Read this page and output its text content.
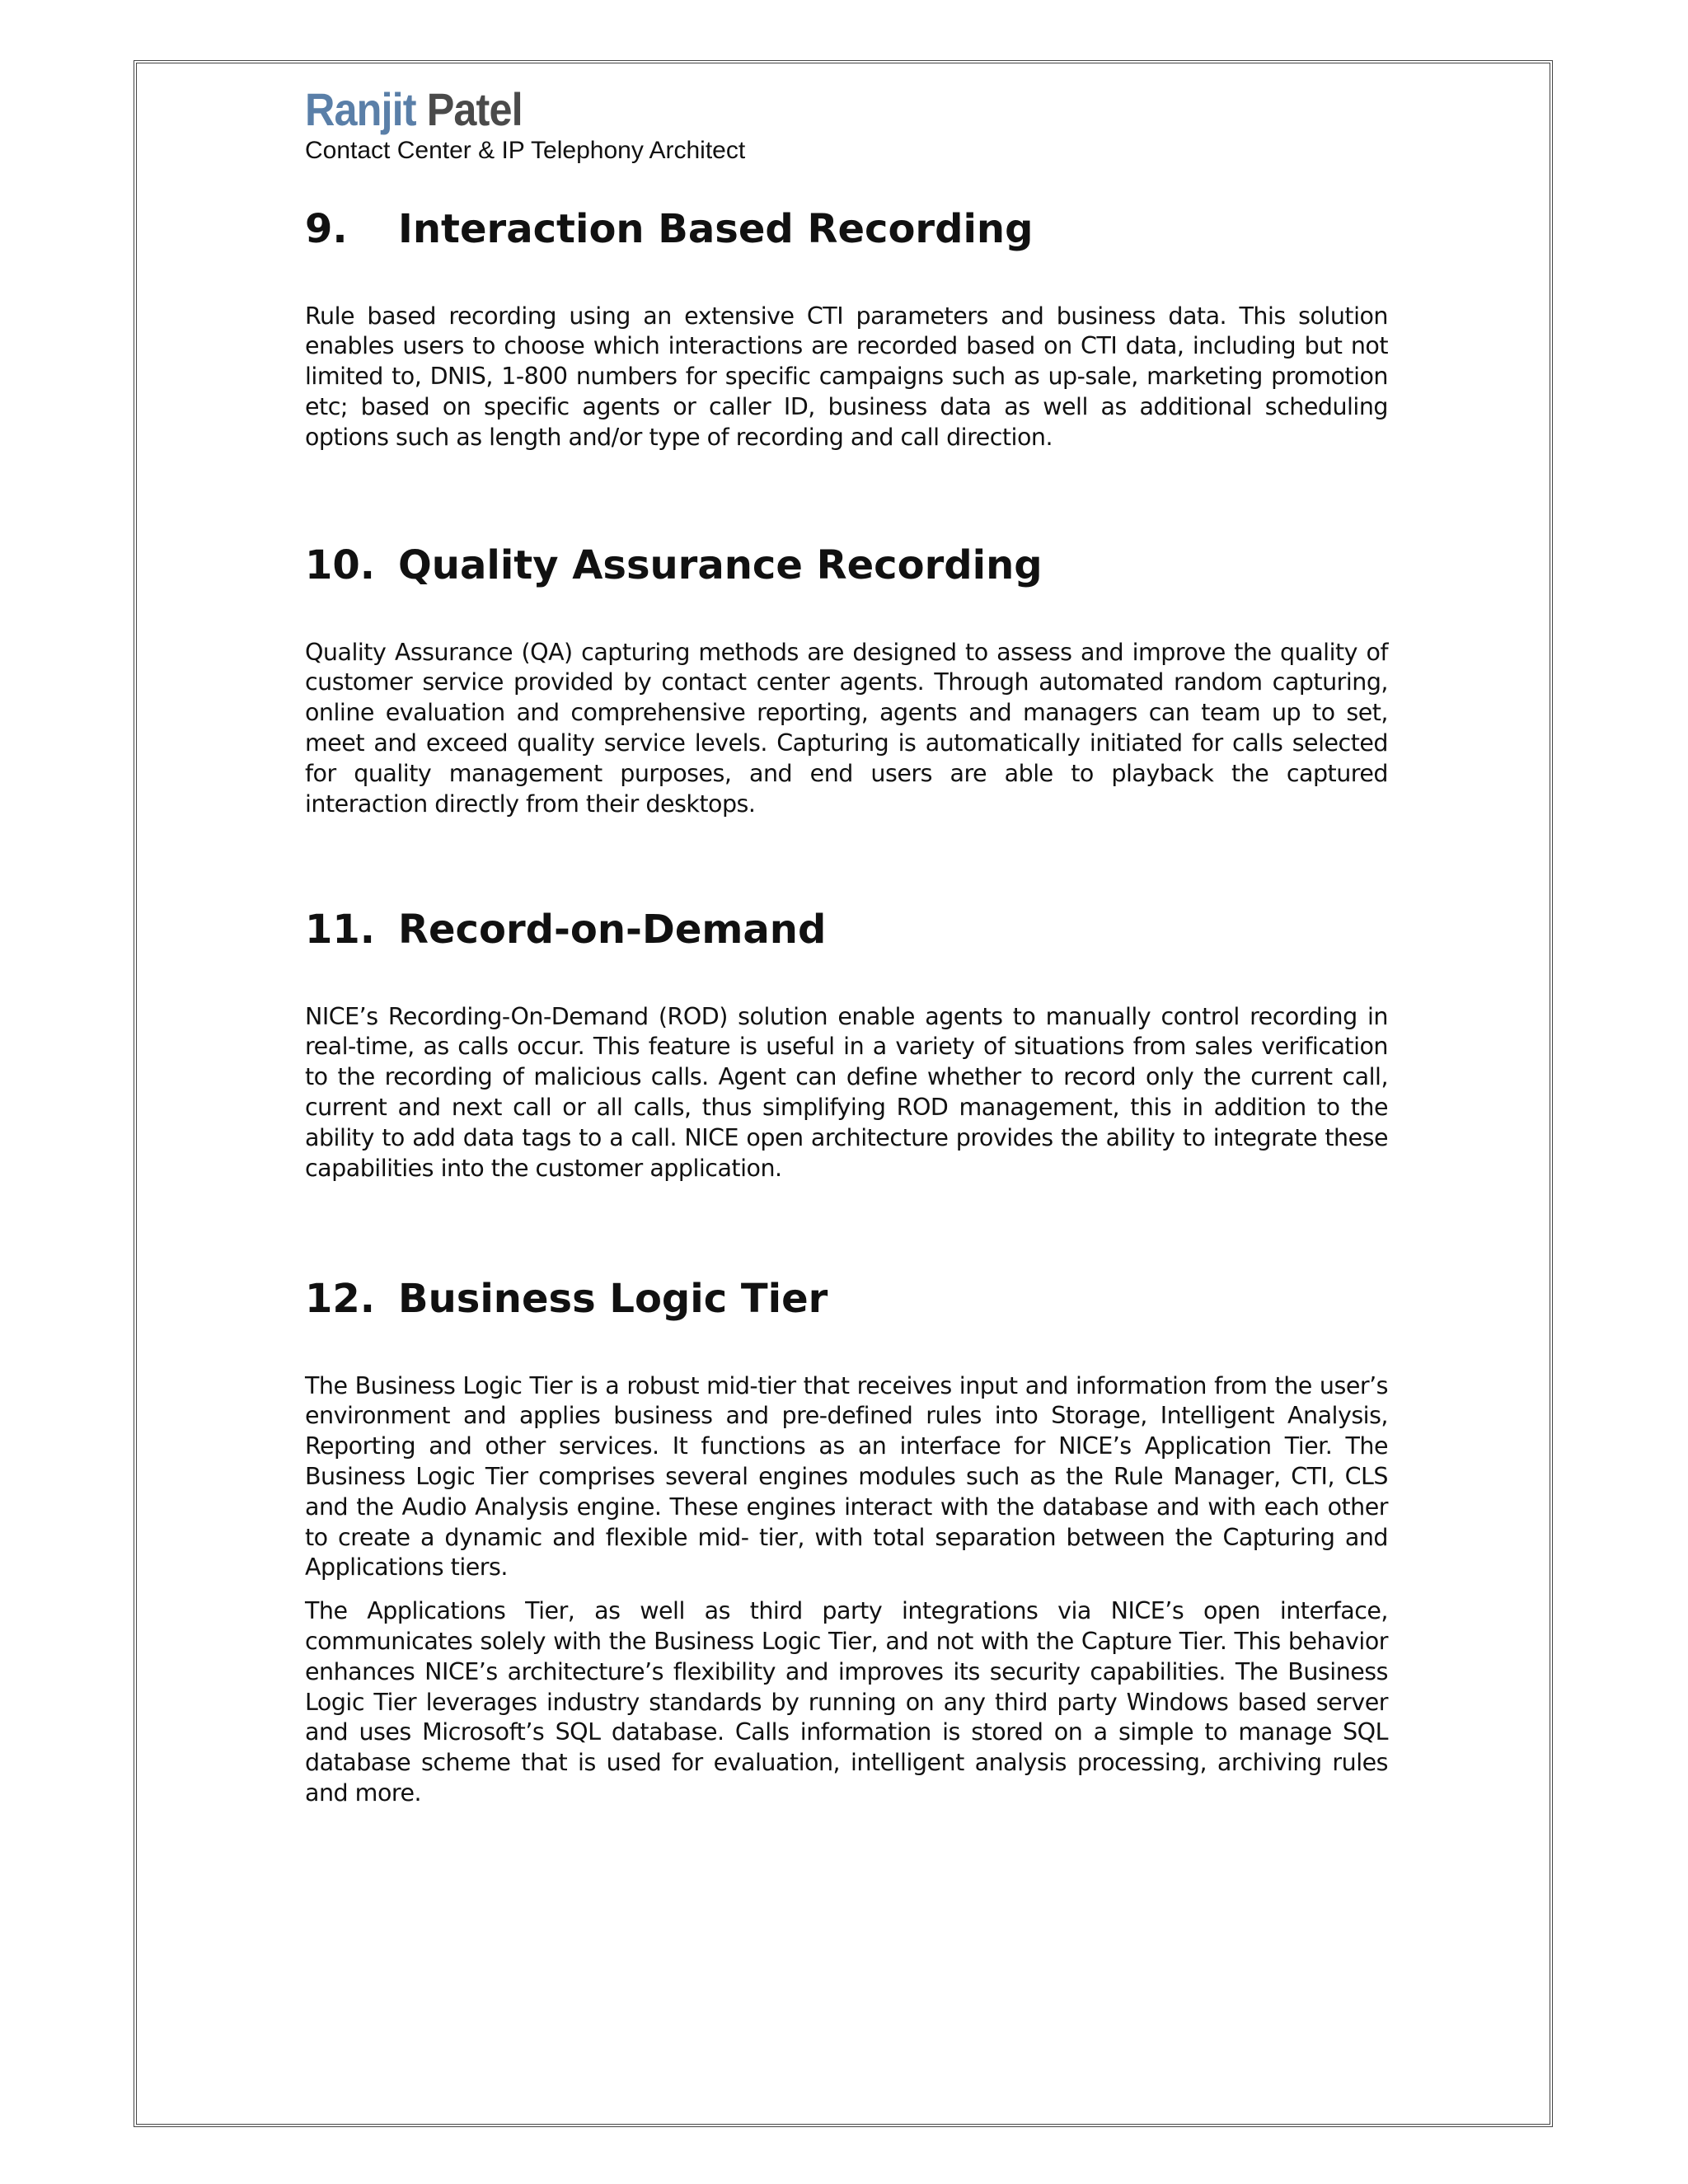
Ranjit Patel
Contact Center & IP Telephony Architect
9.	Interaction Based Recording

Rule based recording using an extensive CTI parameters and business data. This solution enables users to choose which interactions are recorded based on CTI data, including but not limited to, DNIS, 1-800 numbers for specific campaigns such as up-sale, marketing promotion etc; based on specific agents or caller ID, business data as well as additional scheduling options such as length and/or type of recording and call direction.

10. Quality Assurance Recording

Quality Assurance (QA) capturing methods are designed to assess and improve the quality of customer service provided by contact center agents. Through automated random capturing, online evaluation and comprehensive reporting, agents and managers can team up to set, meet and exceed quality service levels. Capturing is automatically initiated for calls selected for quality management purposes, and end users are able to playback the captured interaction directly from their desktops.

11. Record-on-Demand

NICE’s Recording-On-Demand (ROD) solution enable agents to manually control recording in real-time, as calls occur. This feature is useful in a variety of situations from sales verification to the recording of malicious calls. Agent can define whether to record only the current call, current and next call or all calls, thus simplifying ROD management, this in addition to the ability to add data tags to a call. NICE open architecture provides the ability to integrate these capabilities into the customer application.

12. Business Logic Tier

The Business Logic Tier is a robust mid-tier that receives input and information from the user’s environment and applies business and pre-defined rules into Storage, Intelligent Analysis, Reporting and other services. It functions as an interface for NICE’s Application Tier. The Business Logic Tier comprises several engines modules such as the Rule Manager, CTI, CLS and the Audio Analysis engine. These engines interact with the database and with each other to create a dynamic and flexible mid- tier, with total separation between the Capturing and Applications tiers.

The Applications Tier, as well as third party integrations via NICE’s open interface, communicates solely with the Business Logic Tier, and not with the Capture Tier. This behavior enhances NICE’s architecture’s flexibility and improves its security capabilities. The Business Logic Tier leverages industry standards by running on any third party Windows based server and uses Microsoft’s SQL database. Calls information is stored on a simple to manage SQL database scheme that is used for evaluation, intelligent analysis processing, archiving rules and more.
